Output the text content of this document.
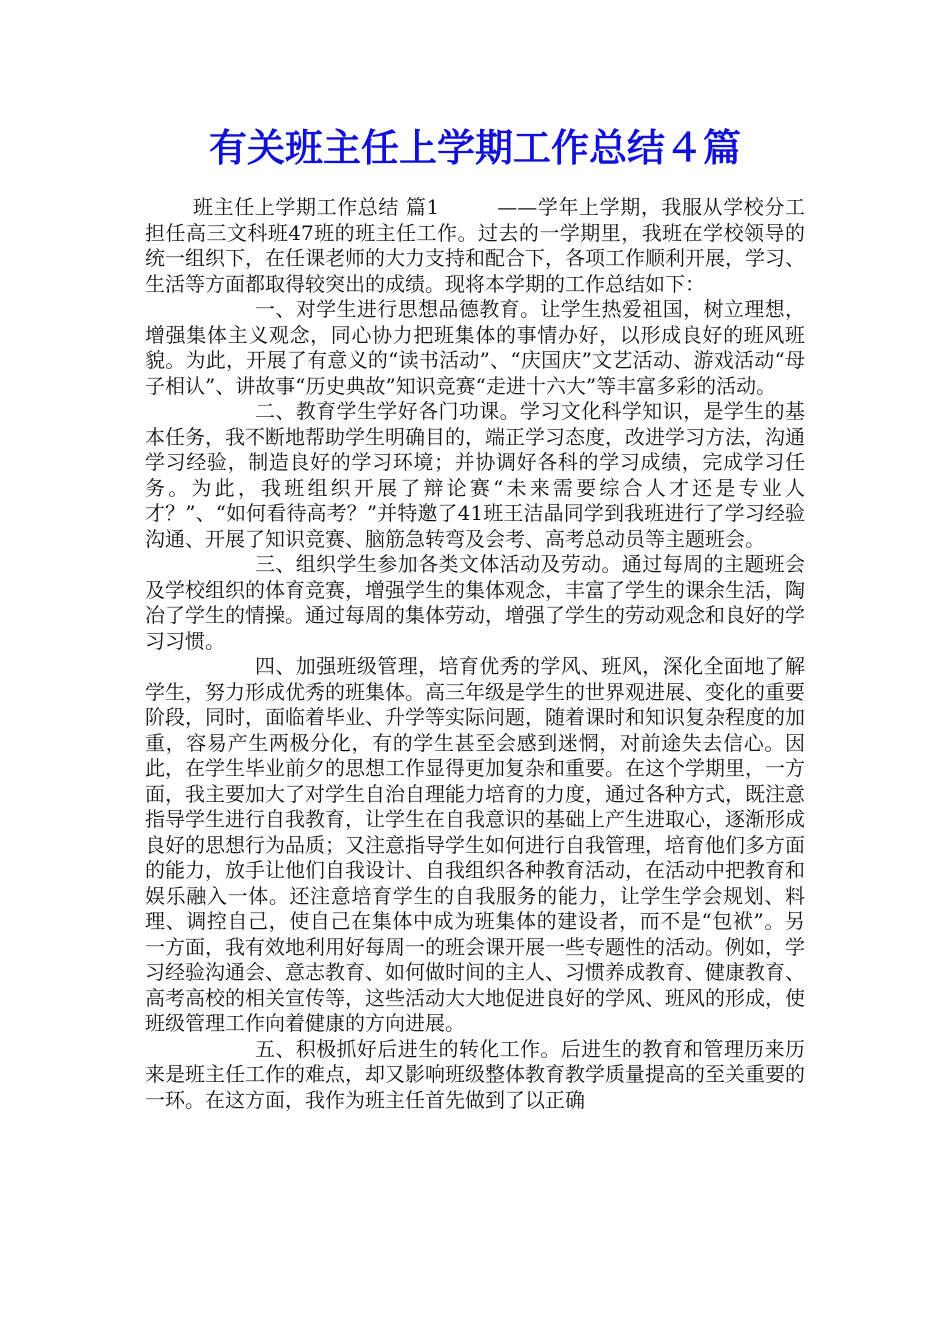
有关班主任上学期工作总结４篇

班主任上学期工作总结 篇1	——学年上学期，我服从学校分工担任高三文科班47班的班主任工作。过去的一学期里，我班在学校领导的统一组织下，在任课老师的大力支持和配合下，各项工作顺利开展，学习、生活等方面都取得较突出的成绩。现将本学期的工作总结如下：

一、对学生进行思想品德教育。让学生热爱祖国，树立理想，增强集体主义观念，同心协力把班集体的事情办好，以形成良好的班风班貌。为此，开展了有意义的“读书活动”、“庆国庆”文艺活动、游戏活动“母子相认”、讲故事“历史典故”知识竞赛“走进十六大”等丰富多彩的活动。

二、教育学生学好各门功课。学习文化科学知识，是学生的基本任务，我不断地帮助学生明确目的，端正学习态度，改进学习方法，沟通学习经验，制造良好的学习环境；并协调好各科的学习成绩，完成学习任务。为此，我班组织开展了辩论赛“未来需要综合人才还是专业人才？”、“如何看待高考？”并特邀了41班王洁晶同学到我班进行了学习经验沟通、开展了知识竞赛、脑筋急转弯及会考、高考总动员等主题班会。

三、组织学生参加各类文体活动及劳动。通过每周的主题班会及学校组织的体育竞赛，增强学生的集体观念，丰富了学生的课余生活，陶冶了学生的情操。通过每周的集体劳动，增强了学生的劳动观念和良好的学习习惯。

四、加强班级管理，培育优秀的学风、班风，深化全面地了解学生，努力形成优秀的班集体。高三年级是学生的世界观进展、变化的重要阶段，同时，面临着毕业、升学等实际问题，随着课时和知识复杂程度的加重，容易产生两极分化，有的学生甚至会感到迷惘，对前途失去信心。因此，在学生毕业前夕的思想工作显得更加复杂和重要。在这个学期里，一方面，我主要加大了对学生自治自理能力培育的力度，通过各种方式，既注意指导学生进行自我教育，让学生在自我意识的基础上产生进取心，逐渐形成良好的思想行为品质；又注意指导学生如何进行自我管理，培育他们多方面的能力，放手让他们自我设计、自我组织各种教育活动，在活动中把教育和娱乐融入一体。还注意培育学生的自我服务的能力，让学生学会规划、料理、调控自己，使自己在集体中成为班集体的建设者，而不是“包袱”。另一方面，我有效地利用好每周一的班会课开展一些专题性的活动。例如，学习经验沟通会、意志教育、如何做时间的主人、习惯养成教育、健康教育、高考高校的相关宣传等，这些活动大大地促进良好的学风、班风的形成，使班级管理工作向着健康的方向进展。

五、积极抓好后进生的转化工作。后进生的教育和管理历来历来是班主任工作的难点，却又影响班级整体教育教学质量提高的至关重要的一环。在这方面，我作为班主任首先做到了以正确
